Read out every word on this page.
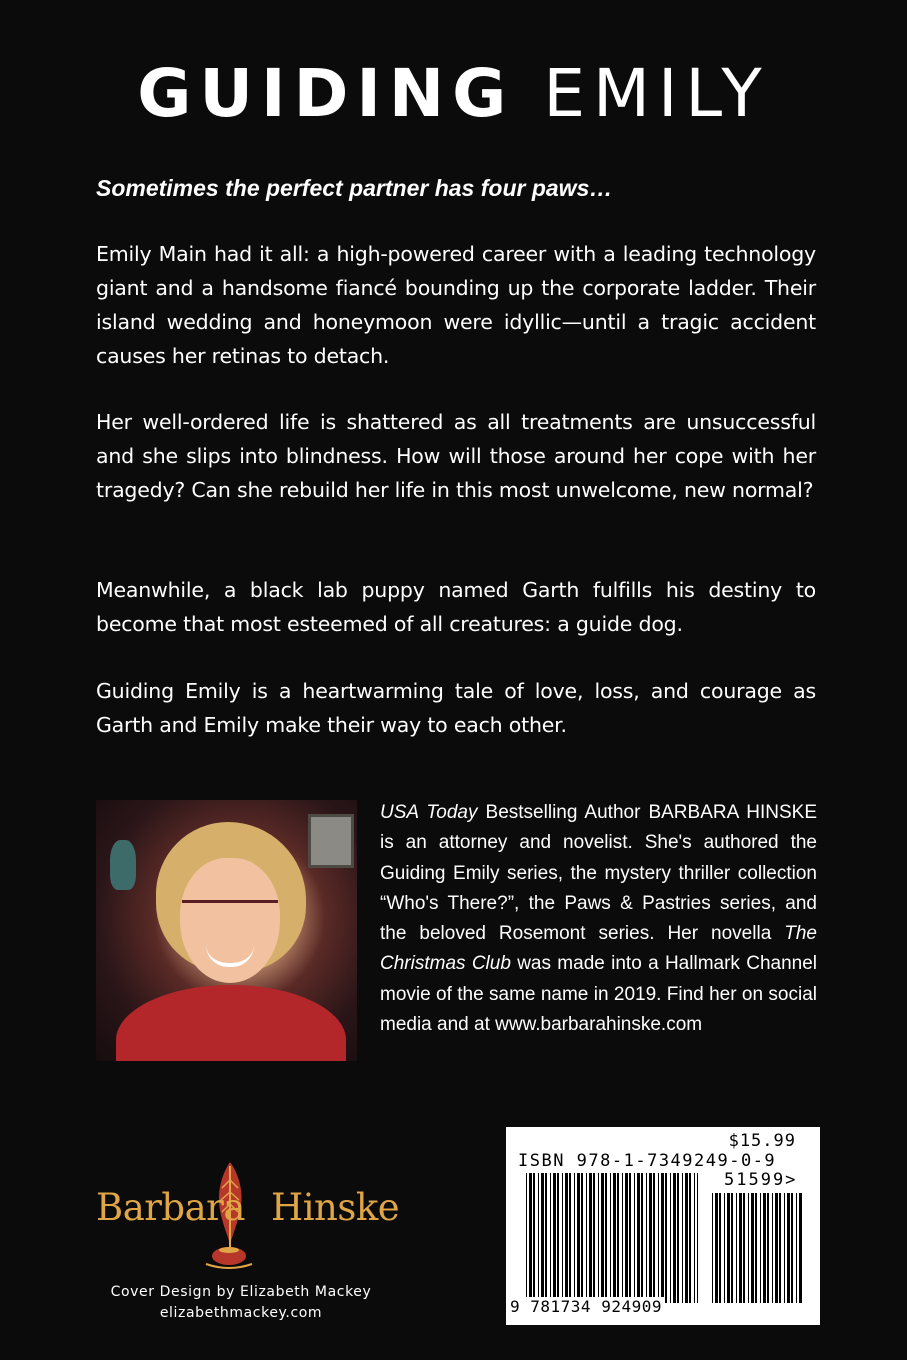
GUIDING EMILY
Sometimes the perfect partner has four paws…

Emily Main had it all: a high-powered career with a leading technology giant and a handsome fiancé bounding up the corporate ladder. Their island wedding and honeymoon were idyllic—until a tragic accident causes her retinas to detach.

Her well-ordered life is shattered as all treatments are unsuccessful and she slips into blindness. How will those around her cope with her tragedy? Can she rebuild her life in this most unwelcome, new normal?

Meanwhile, a black lab puppy named Garth fulfills his destiny to become that most esteemed of all creatures: a guide dog.

Guiding Emily is a heartwarming tale of love, loss, and courage as Garth and Emily make their way to each other.

USA Today Bestselling Author BARBARA HINSKE is an attorney and novelist. She's authored the Guiding Emily series, the mystery thriller collection “Who's There?”, the Paws & Pastries series, and the beloved Rosemont series. Her novella The Christmas Club was made into a Hallmark Channel movie of the same name in 2019. Find her on social media and at www.barbarahinske.com

Barbara Hinske
Cover Design by Elizabeth Mackey
elizabethmackey.com
$15.99
ISBN 978-1-7349249-0-9
51599>
9 781734 924909
